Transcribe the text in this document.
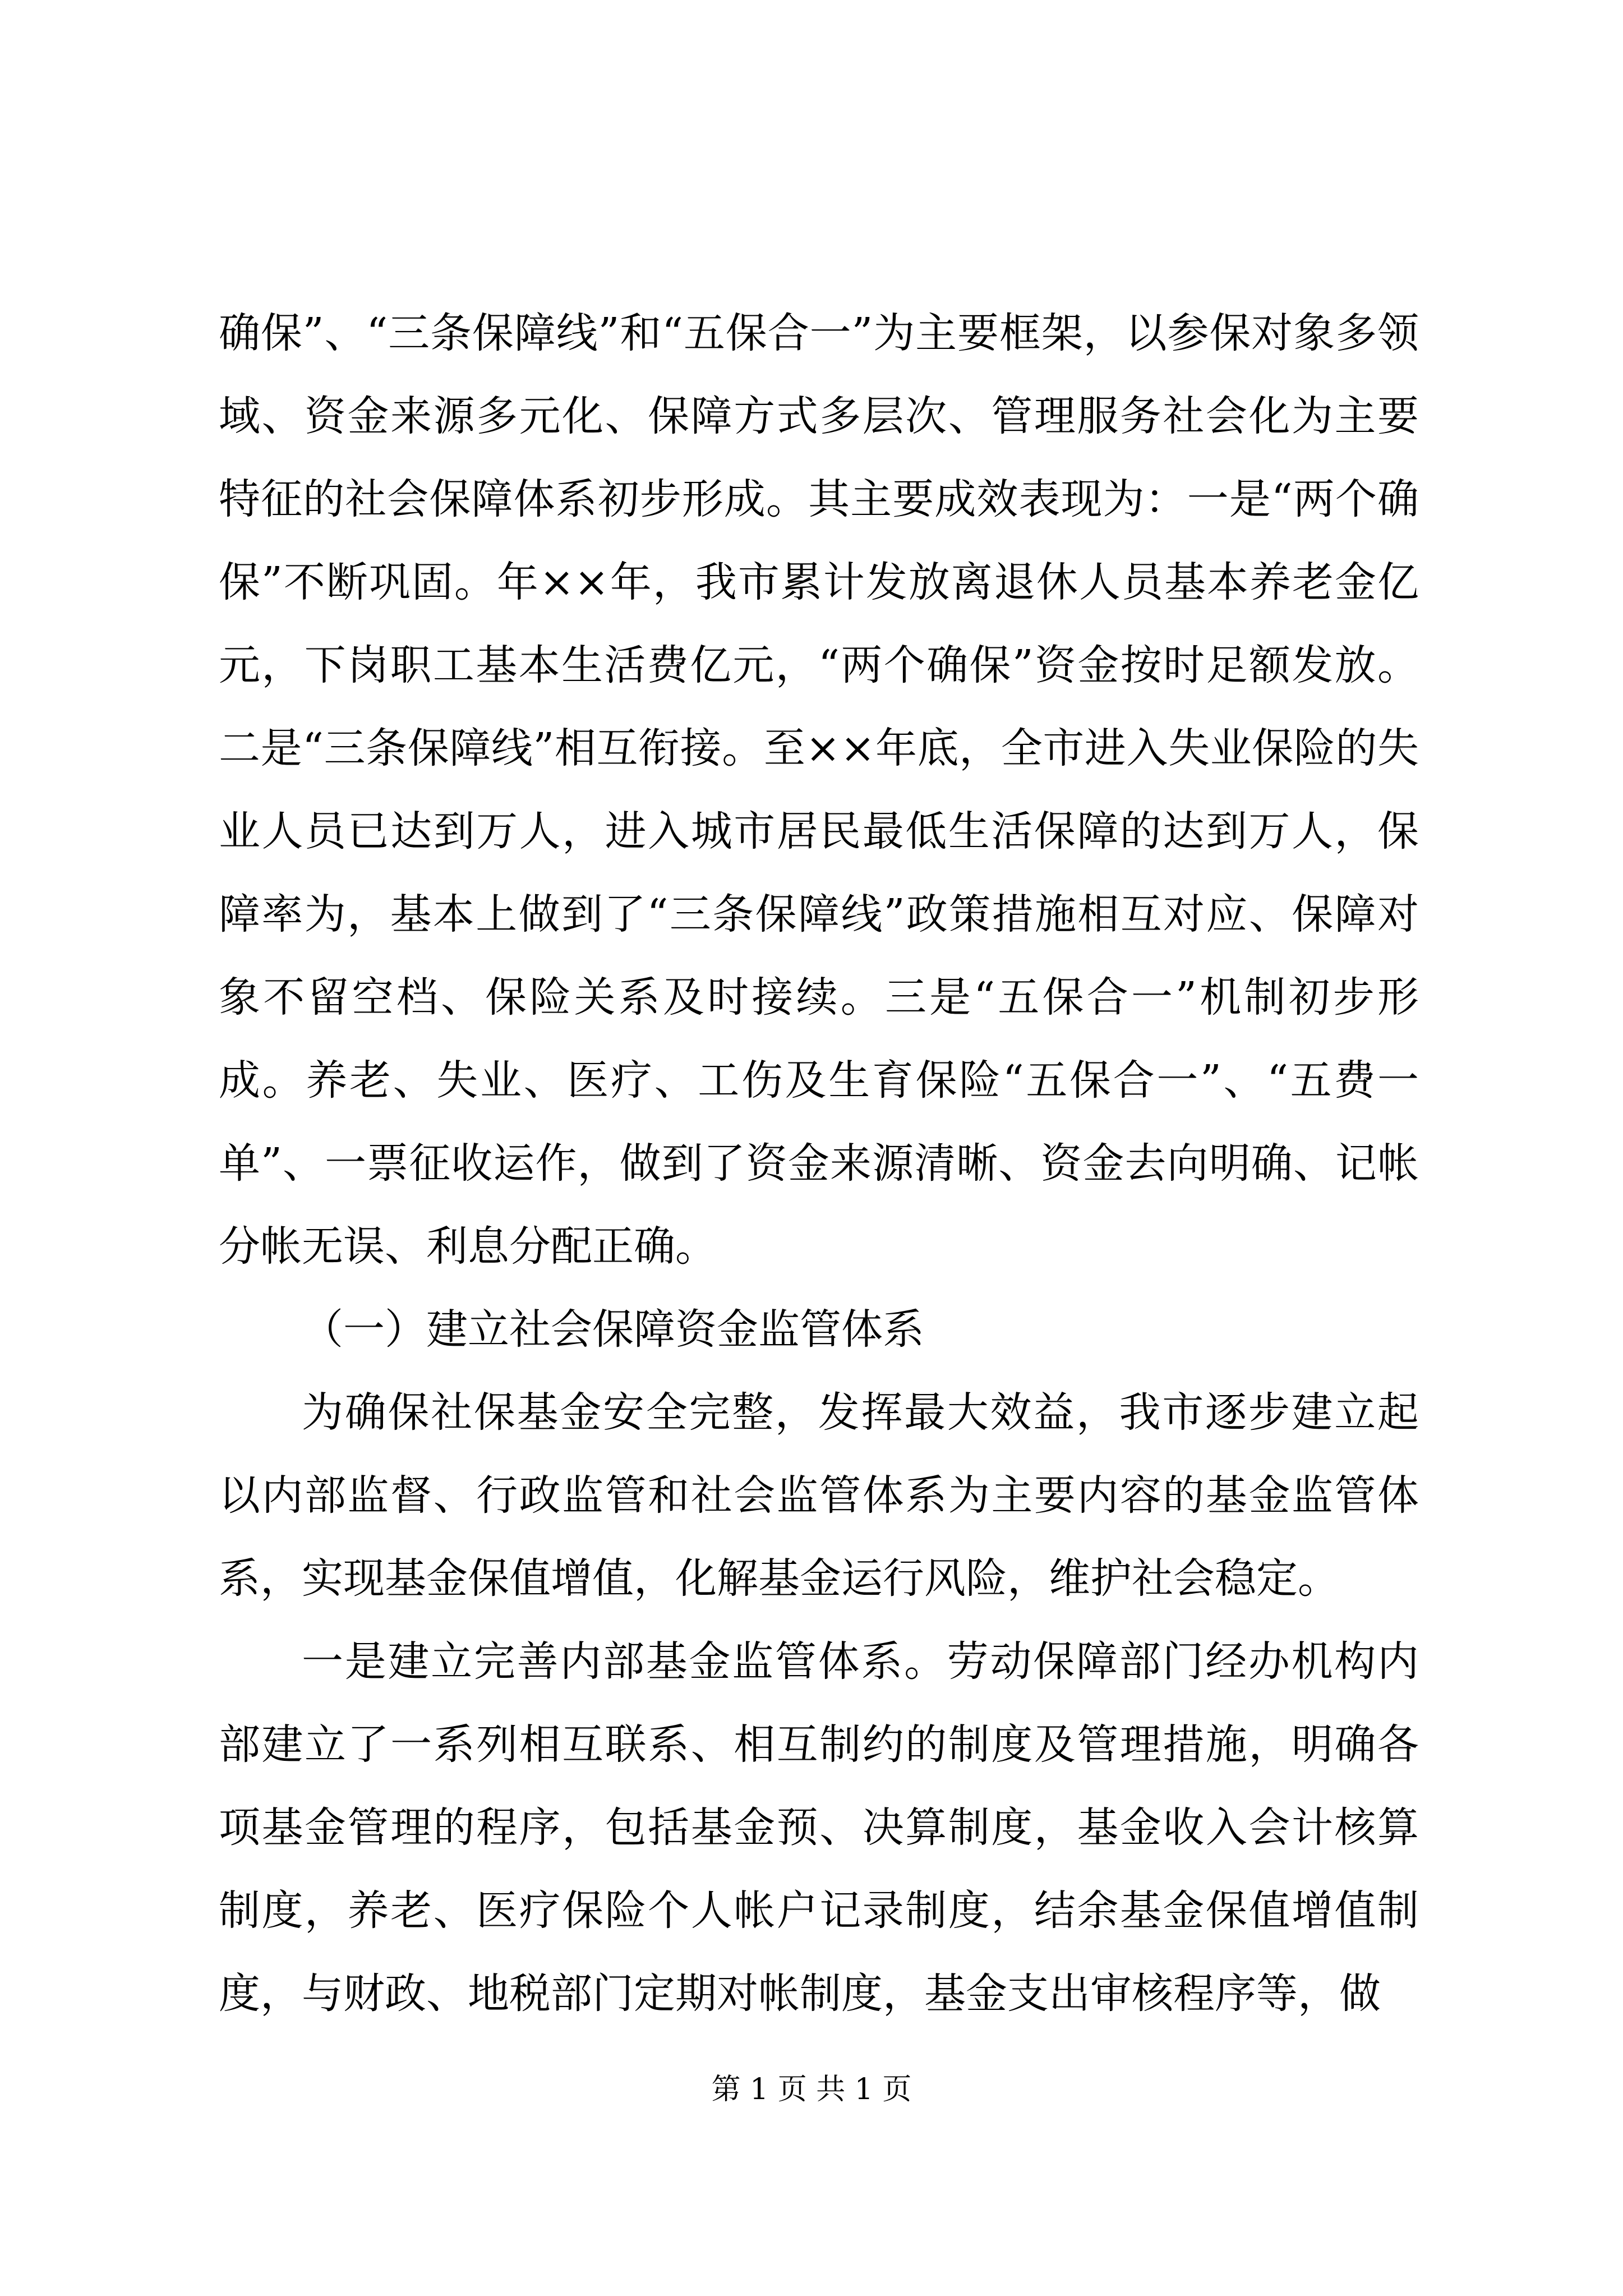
确保”、“三条保障线”和“五保合一”为主要框架，以参保对象多领域、资金来源多元化、保障方式多层次、管理服务社会化为主要特征的社会保障体系初步形成。其主要成效表现为：一是“两个确保”不断巩固。年××年，我市累计发放离退休人员基本养老金亿元，下岗职工基本生活费亿元，“两个确保”资金按时足额发放。二是“三条保障线”相互衔接。至××年底，全市进入失业保险的失业人员已达到万人，进入城市居民最低生活保障的达到万人，保障率为，基本上做到了“三条保障线”政策措施相互对应、保障对象不留空档、保险关系及时接续。三是“五保合一”机制初步形成。养老、失业、医疗、工伤及生育保险“五保合一”、“五费一单”、一票征收运作，做到了资金来源清晰、资金去向明确、记帐分帐无误、利息分配正确。

（一）建立社会保障资金监管体系

为确保社保基金安全完整，发挥最大效益，我市逐步建立起以内部监督、行政监管和社会监管体系为主要内容的基金监管体系，实现基金保值增值，化解基金运行风险，维护社会稳定。

一是建立完善内部基金监管体系。劳动保障部门经办机构内部建立了一系列相互联系、相互制约的制度及管理措施，明确各项基金管理的程序，包括基金预、决算制度，基金收入会计核算制度，养老、医疗保险个人帐户记录制度，结余基金保值增值制度，与财政、地税部门定期对帐制度，基金支出审核程序等，做

第 1 页 共 1 页
